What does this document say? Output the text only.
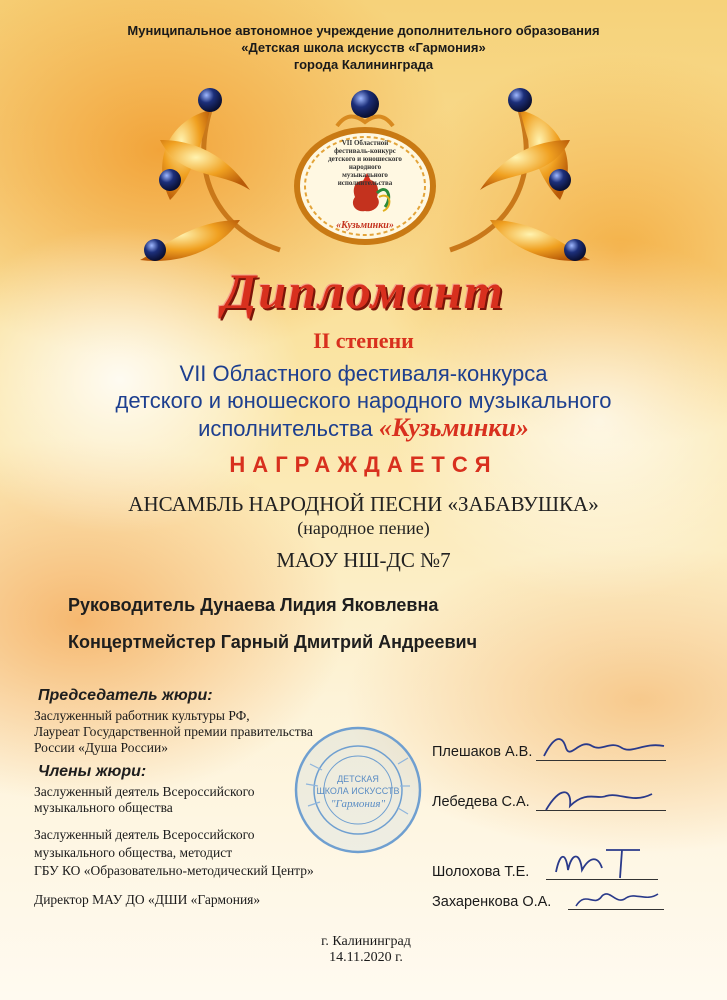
Муниципальное автономное учреждение дополнительного образования
«Детская школа искусств «Гармония»
города Калининграда
VII Областной
фестиваль-конкурс
детского и юношеского народного
музыкального исполнительства
«Кузьминки»
Дипломант
II степени
VII Областного фестиваля-конкурса
детского и юношеского народного музыкального
исполнительства «Кузьминки»
НАГРАЖДАЕТСЯ
АНСАМБЛЬ НАРОДНОЙ ПЕСНИ «ЗАБАВУШКА»
(народное пение)
МАОУ НШ-ДС №7
Руководитель Дунаева Лидия Яковлевна
Концертмейстер Гарный Дмитрий Андреевич
Председатель жюри:
Заслуженный работник культуры РФ,
Лауреат Государственной премии правительства
России «Душа России»
Члены жюри:
Заслуженный деятель Всероссийского
музыкального общества
Заслуженный деятель Всероссийского
музыкального общества, методист
ГБУ КО «Образовательно-методический Центр»
Директор МАУ ДО «ДШИ «Гармония»
ДЕТСКАЯ
ШКОЛА ИСКУССТВ
"Гармония"
Плешаков А.В.
Лебедева С.А.
Шолохова Т.Е.
Захаренкова О.А.
г. Калининград
14.11.2020 г.
